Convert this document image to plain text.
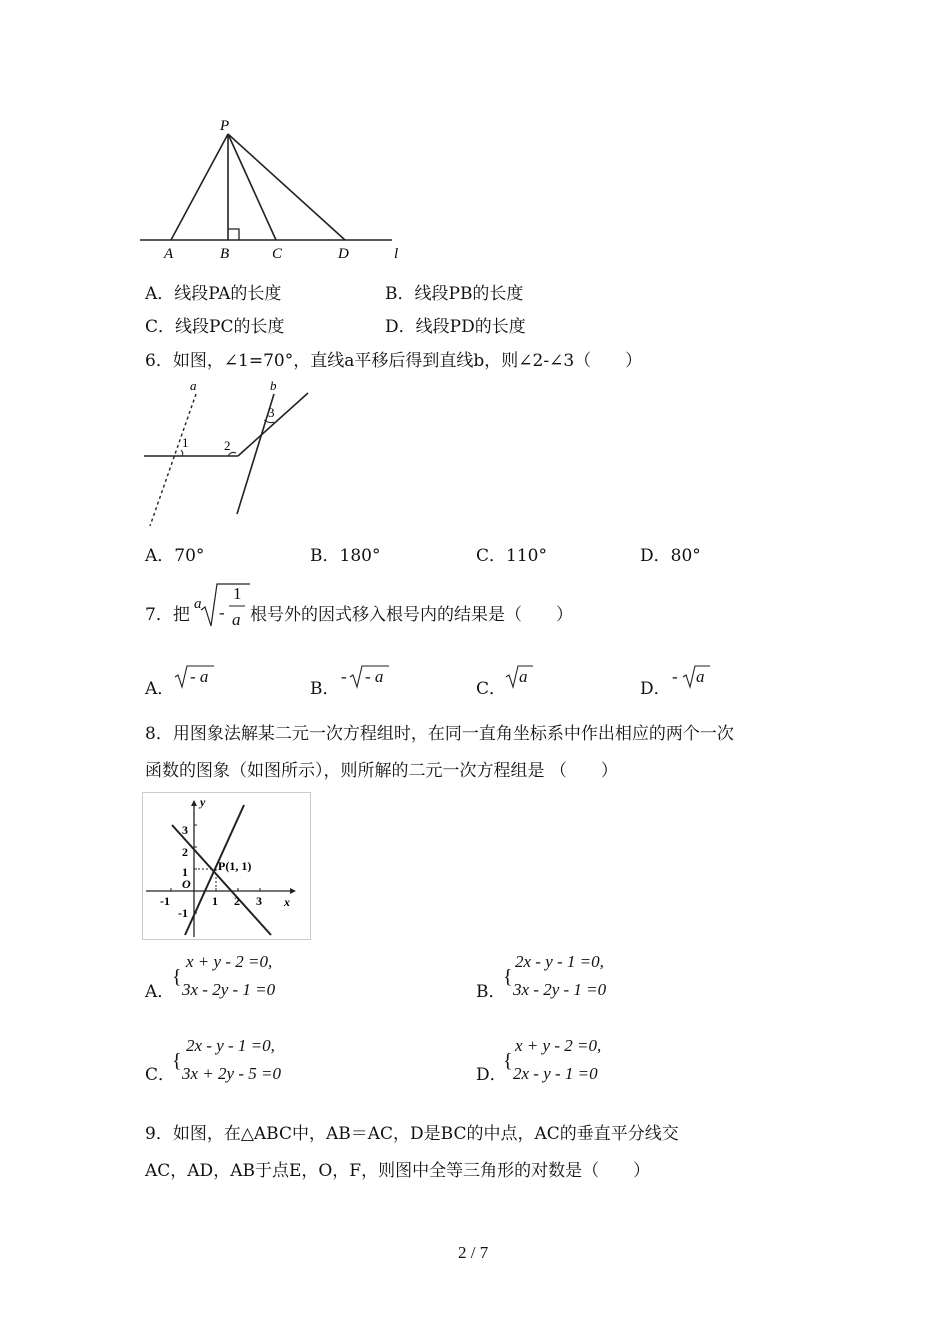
P
A	B	C	D	l
A．线段PA的长度	B．线段PB的长度
C．线段PC的长度	D．线段PD的长度
6．如图，∠1=70°，直线a平移后得到直线b，则∠2-∠3（　　）
a	b
1	2
3
A．70°	B．180°	C．110°	D．80°
7．把
a -
1
a 根号外的因式移入根号内的结果是（　　）
A．
- a
B．
- - a
C．
a
D．
- a
8．用图象法解某二元一次方程组时，在同一直角坐标系中作出相应的两个一次
函数的图象（如图所示），则所解的二元一次方程组是 （　　）
P(1, 1)
y
x
O
-1	1 2 3
3
2
1
-1
A．
{
x + y - 2 =0,
3x - 2y - 1 =0	B．
{
2x - y - 1 =0,
3x - 2y - 1 =0
C．
{
2x - y - 1 =0,
3x + 2y - 5 =0	D．
{
x + y - 2 =0,
2x - y - 1 =0
9．如图，在△ABC中，AB＝AC，D是BC的中点，AC的垂直平分线交
AC，AD，AB于点E，O，F，则图中全等三角形的对数是（　　）
2 / 7
